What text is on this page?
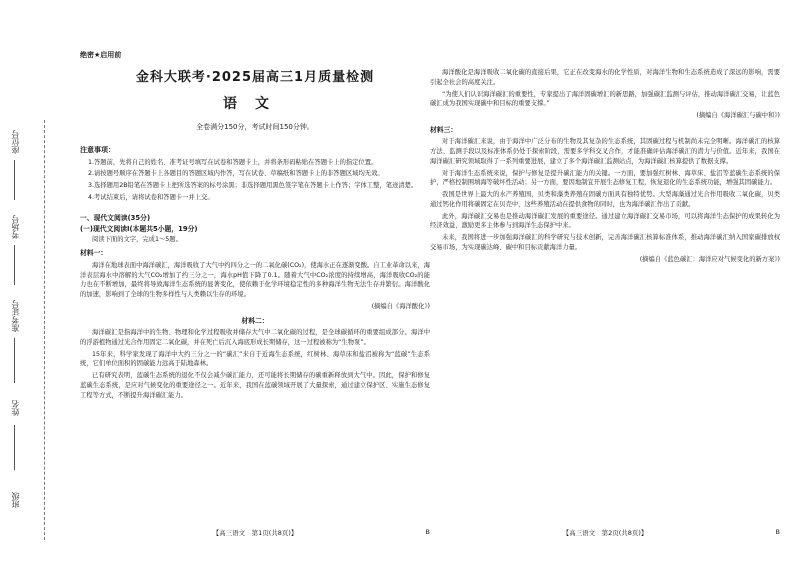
座位号
考场号
准考证号
姓名
班级
绝密★启用前
金科大联考·2025届高三1月质量检测
语文
全卷满分150分，考试时间150分钟。
注意事项：
1.答题前，先将自己的姓名、准考证号填写在试卷和答题卡上，并将条形码粘贴在答题卡上的指定位置。
2.请按题号顺序在答题卡上各题目的答题区域内作答，写在试卷、草稿纸和答题卡上的非答题区域均无效。
3.选择题用2B铅笔在答题卡上把所选答案的标号涂黑；非选择题用黑色签字笔在答题卡上作答；字体工整，笔迹清楚。
4.考试结束后，请将试卷和答题卡一并上交。
一、现代文阅读(35分)
(一)现代文阅读Ⅰ(本题共5小题，19分)
阅读下面的文字，完成1～5题。
材料一：
海洋在地球表面中海洋碳汇，海洋吸收了大气中约四分之一的二氧化碳(CO₂)，使海水正在逐渐变酸。自工业革命以来，海洋表层海水中溶解的大气CO₂增加了约三分之一，海水pH值下降了0.1。随着大气中CO₂浓度的持续增高，海洋吸收CO₂的能力也在不断增加，最终将导致海洋生态系统的显著变化，使依赖于化学环境稳定性的多种海洋生物无法生存并繁衍。海洋酸化的加速，影响到了全球的生物多样性与人类赖以生存的环境。
(摘编自《海洋酸化》)
材料二：
海洋碳汇是指海洋中的生物、物理和化学过程吸收并储存大气中二氧化碳的过程，是全球碳循环的重要组成部分。海洋中的浮游植物通过光合作用固定二氧化碳，并在死亡后沉入海底形成长期储存，这一过程被称为“生物泵”。
15年来，科学家发现了海洋中大约三分之一的“碳汇”来自于近海生态系统，红树林、海草床和盐沼被称为“蓝碳”生态系统，它们单位面积的固碳能力远高于陆地森林。
已有研究表明，蓝碳生态系统的退化不仅会减少碳汇能力，还可能将长期储存的碳重新释放到大气中。因此，保护和修复蓝碳生态系统，是应对气候变化的重要途径之一。近年来，我国在蓝碳领域开展了大量探索，通过建立保护区、实施生态修复工程等方式，不断提升海洋碳汇能力。
海洋酸化是海洋吸收二氧化碳的直接后果，它正在改变海水的化学性质，对海洋生物和生态系统造成了深远的影响，需要引起全社会的高度关注。
“为使人们认识海洋碳汇的重要性，专家提出了海洋固碳增汇的新思路，加强碳汇监测与评估，推动海洋碳汇交易，让蓝色碳汇成为我国实现碳中和目标的重要支撑。”
(摘编自《海洋碳汇与碳中和》)
材料三：
对于海洋碳汇来说，由于海洋中广泛分布的生物及其复杂的生态系统，其固碳过程与机制尚未完全明晰。海洋碳汇的核算方法、监测手段以及标准体系仍处于探索阶段，需要多学科交叉合作，才能准确评估海洋碳汇的潜力与价值。近年来，我国在海洋碳汇研究领域取得了一系列重要进展，建立了多个海洋碳汇监测站点，为海洋碳汇核算提供了数据支撑。
对于海洋生态系统来说，保护与修复是提升碳汇能力的关键。一方面，要加强红树林、海草床、盐沼等蓝碳生态系统的保护，严格控制围填海等破坏性活动；另一方面，要因地制宜开展生态修复工程，恢复退化的生态系统功能，增强其固碳能力。
我国是世界上最大的水产养殖国，贝类和藻类养殖在固碳方面具有独特优势。大型海藻通过光合作用吸收二氧化碳，贝类通过钙化作用将碳固定在贝壳中，这些养殖活动在提供食物的同时，也为海洋碳汇作出了贡献。
此外，海洋碳汇交易也是推动海洋碳汇发展的重要途径。通过建立海洋碳汇交易市场，可以将海洋生态保护的成果转化为经济效益，激励更多主体参与到海洋生态保护中来。
未来，我国将进一步加强海洋碳汇的科学研究与技术创新，完善海洋碳汇核算标准体系，推动海洋碳汇纳入国家碳排放权交易市场，为实现碳达峰、碳中和目标贡献海洋力量。
(摘编自《蓝色碳汇：海洋应对气候变化的新方案》)
【高三语文　第1页(共8页)】	B	【高三语文　第2页(共8页)】	B
